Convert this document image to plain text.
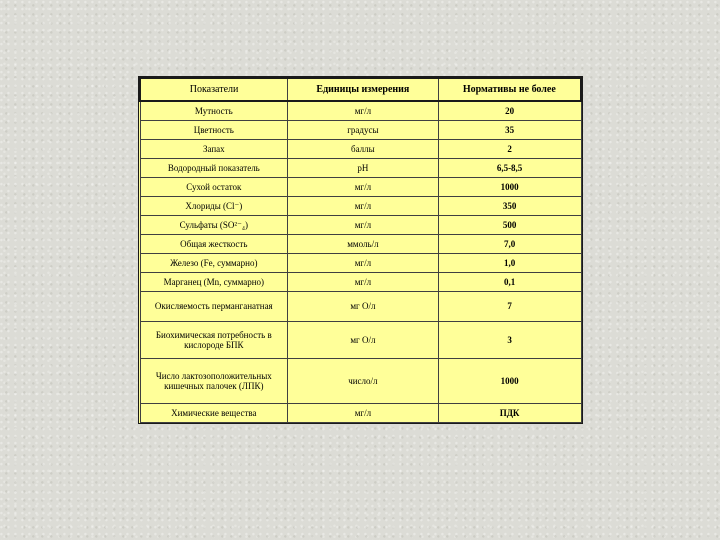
Показатели	Единицы измерения	Нормативы не более
Мутность	мг/л	20
Цветность	градусы	35
Запах	баллы	2
Водородный показатель	pH	6,5-8,5
Сухой остаток	мг/л	1000
Хлориды (Cl⁻)	мг/л	350
Сульфаты (SO²⁻₄)	мг/л	500
Общая жесткость	ммоль/л	7,0
Железо (Fe, суммарно)	мг/л	1,0
Марганец (Mn, суммарно)	мг/л	0,1
Окисляемость перманганатная	мг О/л	7
Биохимическая потребность в кислороде БПК	мг О/л	3
Число лактозоположительных кишечных палочек (ЛПК)	число/л	1000
Химические вещества	мг/л	ПДК
